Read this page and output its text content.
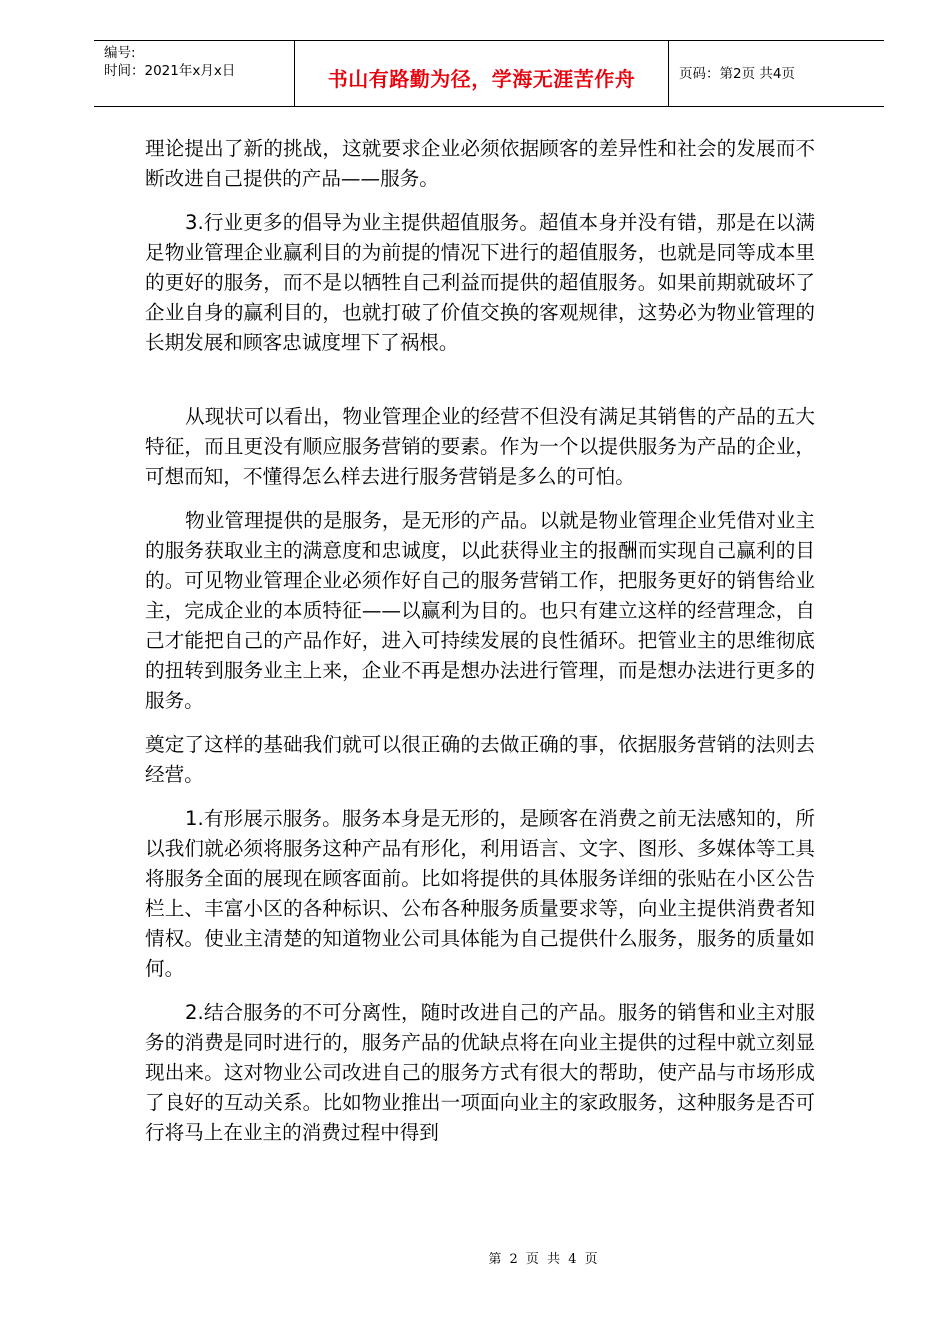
编号:
时间：2021年x月x日	书山有路勤为径，学海无涯苦作舟	页码：第2页 共4页

理论提出了新的挑战，这就要求企业必须依据顾客的差异性和社会的发展而不断改进自己提供的产品——服务。

3.行业更多的倡导为业主提供超值服务。超值本身并没有错，那是在以满足物业管理企业赢利目的为前提的情况下进行的超值服务，也就是同等成本里的更好的服务，而不是以牺牲自己利益而提供的超值服务。如果前期就破坏了企业自身的赢利目的，也就打破了价值交换的客观规律，这势必为物业管理的长期发展和顾客忠诚度埋下了祸根。

从现状可以看出，物业管理企业的经营不但没有满足其销售的产品的五大特征，而且更没有顺应服务营销的要素。作为一个以提供服务为产品的企业，可想而知，不懂得怎么样去进行服务营销是多么的可怕。

物业管理提供的是服务，是无形的产品。以就是物业管理企业凭借对业主的服务获取业主的满意度和忠诚度，以此获得业主的报酬而实现自己赢利的目的。可见物业管理企业必须作好自己的服务营销工作，把服务更好的销售给业主，完成企业的本质特征——以赢利为目的。也只有建立这样的经营理念，自己才能把自己的产品作好，进入可持续发展的良性循环。把管业主的思维彻底的扭转到服务业主上来，企业不再是想办法进行管理，而是想办法进行更多的服务。

奠定了这样的基础我们就可以很正确的去做正确的事，依据服务营销的法则去经营。

1.有形展示服务。服务本身是无形的，是顾客在消费之前无法感知的，所以我们就必须将服务这种产品有形化，利用语言、文字、图形、多媒体等工具将服务全面的展现在顾客面前。比如将提供的具体服务详细的张贴在小区公告栏上、丰富小区的各种标识、公布各种服务质量要求等，向业主提供消费者知情权。使业主清楚的知道物业公司具体能为自己提供什么服务，服务的质量如何。

2.结合服务的不可分离性，随时改进自己的产品。服务的销售和业主对服务的消费是同时进行的，服务产品的优缺点将在向业主提供的过程中就立刻显现出来。这对物业公司改进自己的服务方式有很大的帮助，使产品与市场形成了良好的互动关系。比如物业推出一项面向业主的家政服务，这种服务是否可行将马上在业主的消费过程中得到

第 2 页 共 4 页
